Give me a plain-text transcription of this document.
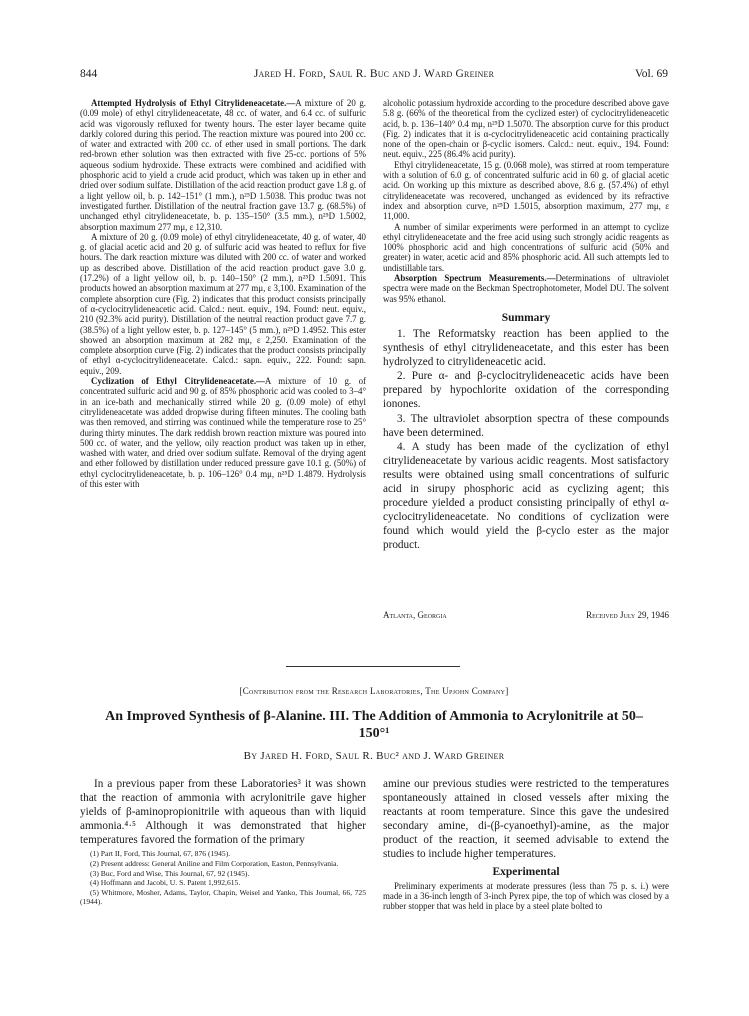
844	Jared H. Ford, Saul R. Buc and J. Ward Greiner	Vol. 69

Attempted Hydrolysis of Ethyl Citrylideneacetate.—A mixture of 20 g. (0.09 mole) of ethyl citrylideneacetate, 48 cc. of water, and 6.4 cc. of sulfuric acid was vigorously refluxed for twenty hours. The ester layer became quite darkly colored during this period. The reaction mixture was poured into 200 cc. of water and extracted with 200 cc. of ether used in small portions. The dark red-brown ether solution was then extracted with five 25-cc. portions of 5% aqueous sodium hydroxide. These extracts were combined and acidified with phosphoric acid to yield a crude acid product, which was taken up in ether and dried over sodium sulfate. Distillation of the acid reaction product gave 1.8 g. of a light yellow oil, b. p. 142–151° (1 mm.), n²⁵D 1.5038. This produc twas not investigated further. Distillation of the neutral fraction gave 13.7 g. (68.5%) of unchanged ethyl citrylideneacetate, b. p. 135–150° (3.5 mm.), n²⁵D 1.5002, absorption maximum 277 mμ, ε 12,310.

A mixture of 20 g. (0.09 mole) of ethyl citrylideneacetate, 40 g. of water, 40 g. of glacial acetic acid and 20 g. of sulfuric acid was heated to reflux for five hours. The dark reaction mixture was diluted with 200 cc. of water and worked up as described above. Distillation of the acid reaction product gave 3.0 g. (17.2%) of a light yellow oil, b. p. 140–150° (2 mm.), n²⁵D 1.5091. This products howed an absorption maximum at 277 mμ, ε 3,100. Examination of the complete absorption cure (Fig. 2) indicates that this product consists principally of α-cyclocitrylideneacetic acid. Calcd.: neut. equiv., 194. Found: neut. equiv., 210 (92.3% acid purity). Distillation of the neutral reaction product gave 7.7 g. (38.5%) of a light yellow ester, b. p. 127–145° (5 mm.), n²⁵D 1.4952. This ester showed an absorption maximum at 282 mμ, ε 2,250. Examination of the complete absorption curve (Fig. 2) indicates that the product consists principally of ethyl α-cyclocitrylideneacetate. Calcd.: sapn. equiv., 222. Found: sapn. equiv., 209.

Cyclization of Ethyl Citrylideneacetate.—A mixture of 10 g. of concentrated sulfuric acid and 90 g. of 85% phosphoric acid was cooled to 3–4° in an ice-bath and mechanically stirred while 20 g. (0.09 mole) of ethyl citrylideneacetate was added dropwise during fifteen minutes. The cooling bath was then removed, and stirring was continued while the temperature rose to 25° during thirty minutes. The dark reddish brown reaction mixture was poured into 500 cc. of water, and the yellow, oily reaction product was taken up in ether, washed with water, and dried over sodium sulfate. Removal of the drying agent and ether followed by distillation under reduced pressure gave 10.1 g. (50%) of ethyl cyclocitrylideneacetate, b. p. 106–126° 0.4 mμ, n²⁵D 1.4879. Hydrolysis of this ester with

alcoholic potassium hydroxide according to the procedure described above gave 5.8 g. (66% of the theoretical from the cyclized ester) of cyclocitrylideneacetic acid, b. p. 136–140° 0.4 mμ, n²⁵D 1.5070. The absorption curve for this product (Fig. 2) indicates that it is α-cyclocitrylideneacetic acid containing practically none of the open-chain or β-cyclic isomers. Calcd.: neut. equiv., 194. Found: neut. equiv., 225 (86.4% acid purity).

Ethyl citrylideneacetate, 15 g. (0.068 mole), was stirred at room temperature with a solution of 6.0 g. of concentrated sulfuric acid in 60 g. of glacial acetic acid. On working up this mixture as described above, 8.6 g. (57.4%) of ethyl citrylideneacetate was recovered, unchanged as evidenced by its refractive index and absorption curve, n²⁵D 1.5015, absorption maximum, 277 mμ, ε 11,000.

A number of similar experiments were performed in an attempt to cyclize ethyl citrylideneacetate and the free acid using such strongly acidic reagents as 100% phosphoric acid and high concentrations of sulfuric acid (50% and greater) in water, acetic acid and 85% phosphoric acid. All such attempts led to undistillable tars.

Absorption Spectrum Measurements.—Determinations of ultraviolet spectra were made on the Beckman Spectrophotometer, Model DU. The solvent was 95% ethanol.

Summary

1. The Reformatsky reaction has been applied to the synthesis of ethyl citrylideneacetate, and this ester has been hydrolyzed to citrylideneacetic acid.

2. Pure α- and β-cyclocitrylideneacetic acids have been prepared by hypochlorite oxidation of the corresponding ionones.

3. The ultraviolet absorption spectra of these compounds have been determined.

4. A study has been made of the cyclization of ethyl citrylideneacetate by various acidic reagents. Most satisfactory results were obtained using small concentrations of sulfuric acid in sirupy phosphoric acid as cyclizing agent; this procedure yielded a product consisting principally of ethyl α-cyclocitrylideneacetate. No conditions of cyclization were found which would yield the β-cyclo ester as the major product.

Atlanta, Georgia	Received July 29, 1946
[Contribution from the Research Laboratories, The Upjohn Company]
An Improved Synthesis of β-Alanine. III. The Addition of Ammonia to Acrylonitrile at 50–150°¹
By Jared H. Ford, Saul R. Buc² and J. Ward Greiner

In a previous paper from these Laboratories³ it was shown that the reaction of ammonia with acrylonitrile gave higher yields of β-aminopropionitrile with aqueous than with liquid ammonia.⁴·⁵ Although it was demonstrated that higher temperatures favored the formation of the primary

(1) Part II, Ford, This Journal, 67, 876 (1945).

(2) Present address: General Aniline and Film Corporation, Easton, Pennsylvania.

(3) Buc, Ford and Wise, This Journal, 67, 92 (1945).

(4) Hoffmann and Jacobi, U. S. Patent 1,992,615.

(5) Whitmore, Mosher, Adams, Taylor, Chapin, Weisel and Yanko, This Journal, 66, 725 (1944).

amine our previous studies were restricted to the temperatures spontaneously attained in closed vessels after mixing the reactants at room temperature. Since this gave the undesired secondary amine, di-(β-cyanoethyl)-amine, as the major product of the reaction, it seemed advisable to extend the studies to include higher temperatures.

Experimental

Preliminary experiments at moderate pressures (less than 75 p. s. i.) were made in a 36-inch length of 3-inch Pyrex pipe, the top of which was closed by a rubber stopper that was held in place by a steel plate bolted to
